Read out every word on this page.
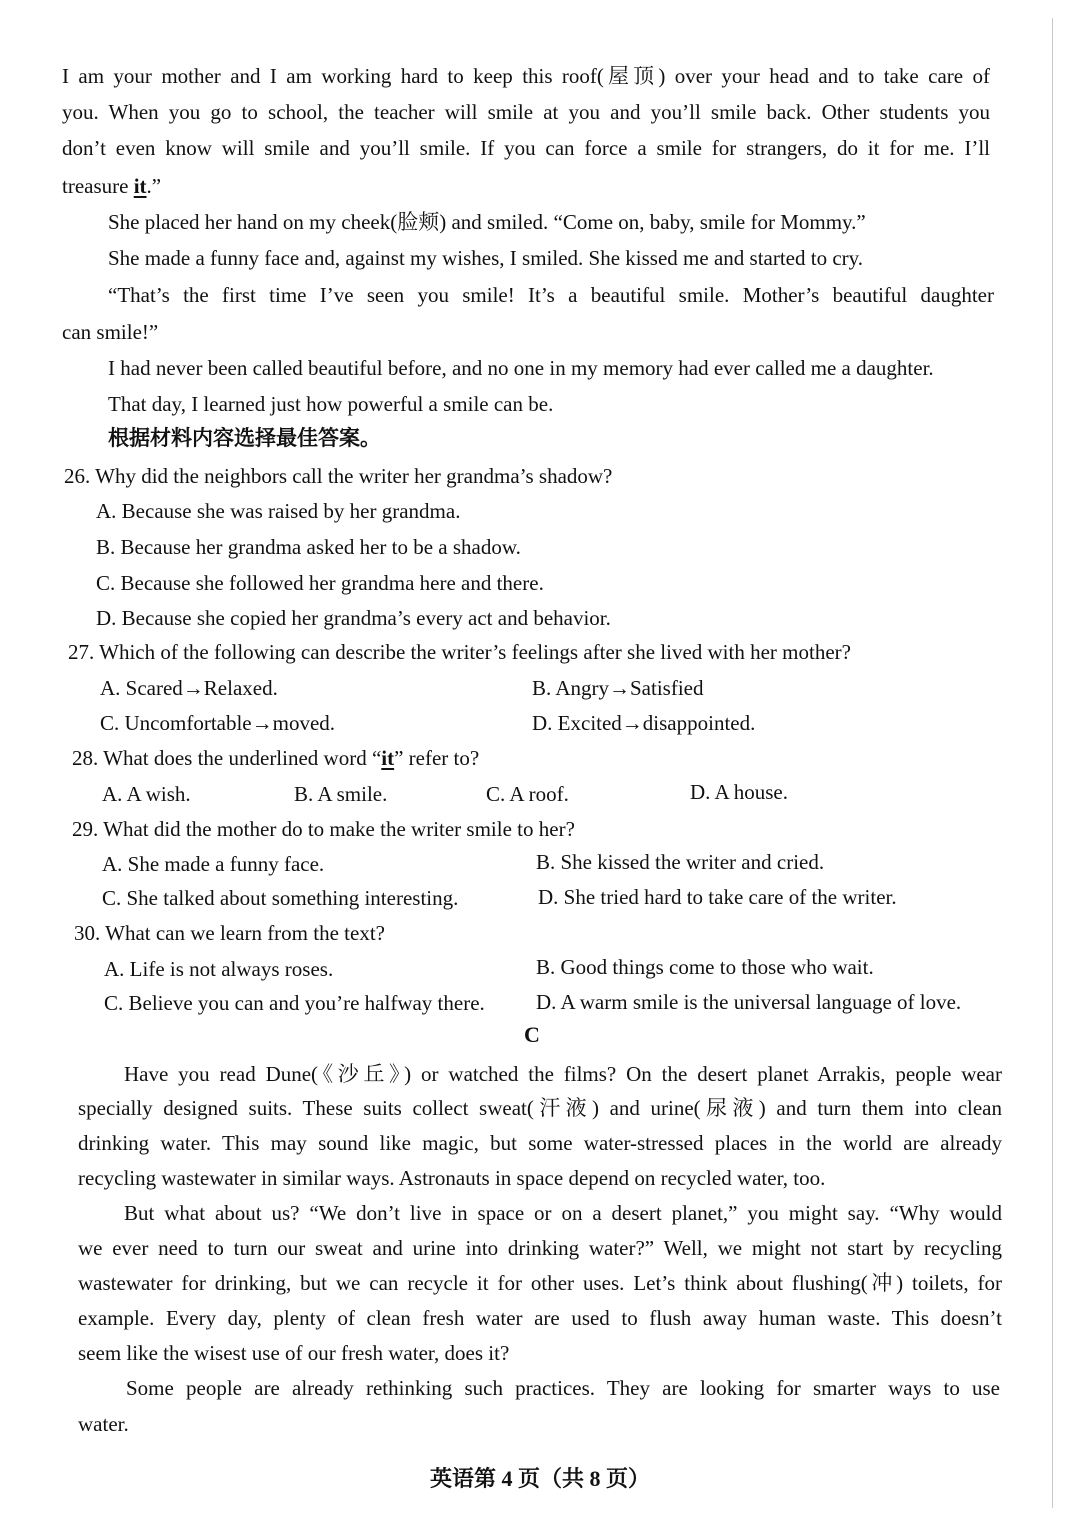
I am your mother and I am working hard to keep this roof(屋顶) over your head and to take care of
you. When you go to school, the teacher will smile at you and you’ll smile back. Other students you
don’t even know will smile and you’ll smile. If you can force a smile for strangers, do it for me. I’ll
treasure it.”
She placed her hand on my cheek(脸颊) and smiled. “Come on, baby, smile for Mommy.”
She made a funny face and, against my wishes, I smiled. She kissed me and started to cry.
“That’s the first time I’ve seen you smile! It’s a beautiful smile. Mother’s beautiful daughter
can smile!”
I had never been called beautiful before, and no one in my memory had ever called me a daughter.
That day, I learned just how powerful a smile can be.
根据材料内容选择最佳答案。
26. Why did the neighbors call the writer her grandma’s shadow?
A. Because she was raised by her grandma.
B. Because her grandma asked her to be a shadow.
C. Because she followed her grandma here and there.
D. Because she copied her grandma’s every act and behavior.
27. Which of the following can describe the writer’s feelings after she lived with her mother?
A. Scared→Relaxed.	B. Angry→Satisfied
C. Uncomfortable→moved.	D. Excited→disappointed.
28. What does the underlined word “it” refer to?
A. A wish.	B. A smile.	C. A roof.	D. A house.
29. What did the mother do to make the writer smile to her?
A. She made a funny face.	B. She kissed the writer and cried.
C. She talked about something interesting.	D. She tried hard to take care of the writer.
30. What can we learn from the text?
A. Life is not always roses.	B. Good things come to those who wait.
C. Believe you can and you’re halfway there. D. A warm smile is the universal language of love.
C
Have you read Dune(《沙丘》) or watched the films? On the desert planet Arrakis, people wear
specially designed suits. These suits collect sweat(汗液) and urine(尿液) and turn them into clean
drinking water. This may sound like magic, but some water-stressed places in the world are already
recycling wastewater in similar ways. Astronauts in space depend on recycled water, too.
But what about us? “We don’t live in space or on a desert planet,” you might say. “Why would
we ever need to turn our sweat and urine into drinking water?” Well, we might not start by recycling
wastewater for drinking, but we can recycle it for other uses. Let’s think about flushing(冲) toilets, for
example. Every day, plenty of clean fresh water are used to flush away human waste. This doesn’t
seem like the wisest use of our fresh water, does it?
Some people are already rethinking such practices. They are looking for smarter ways to use
water.
英语第 4 页（共 8 页）
